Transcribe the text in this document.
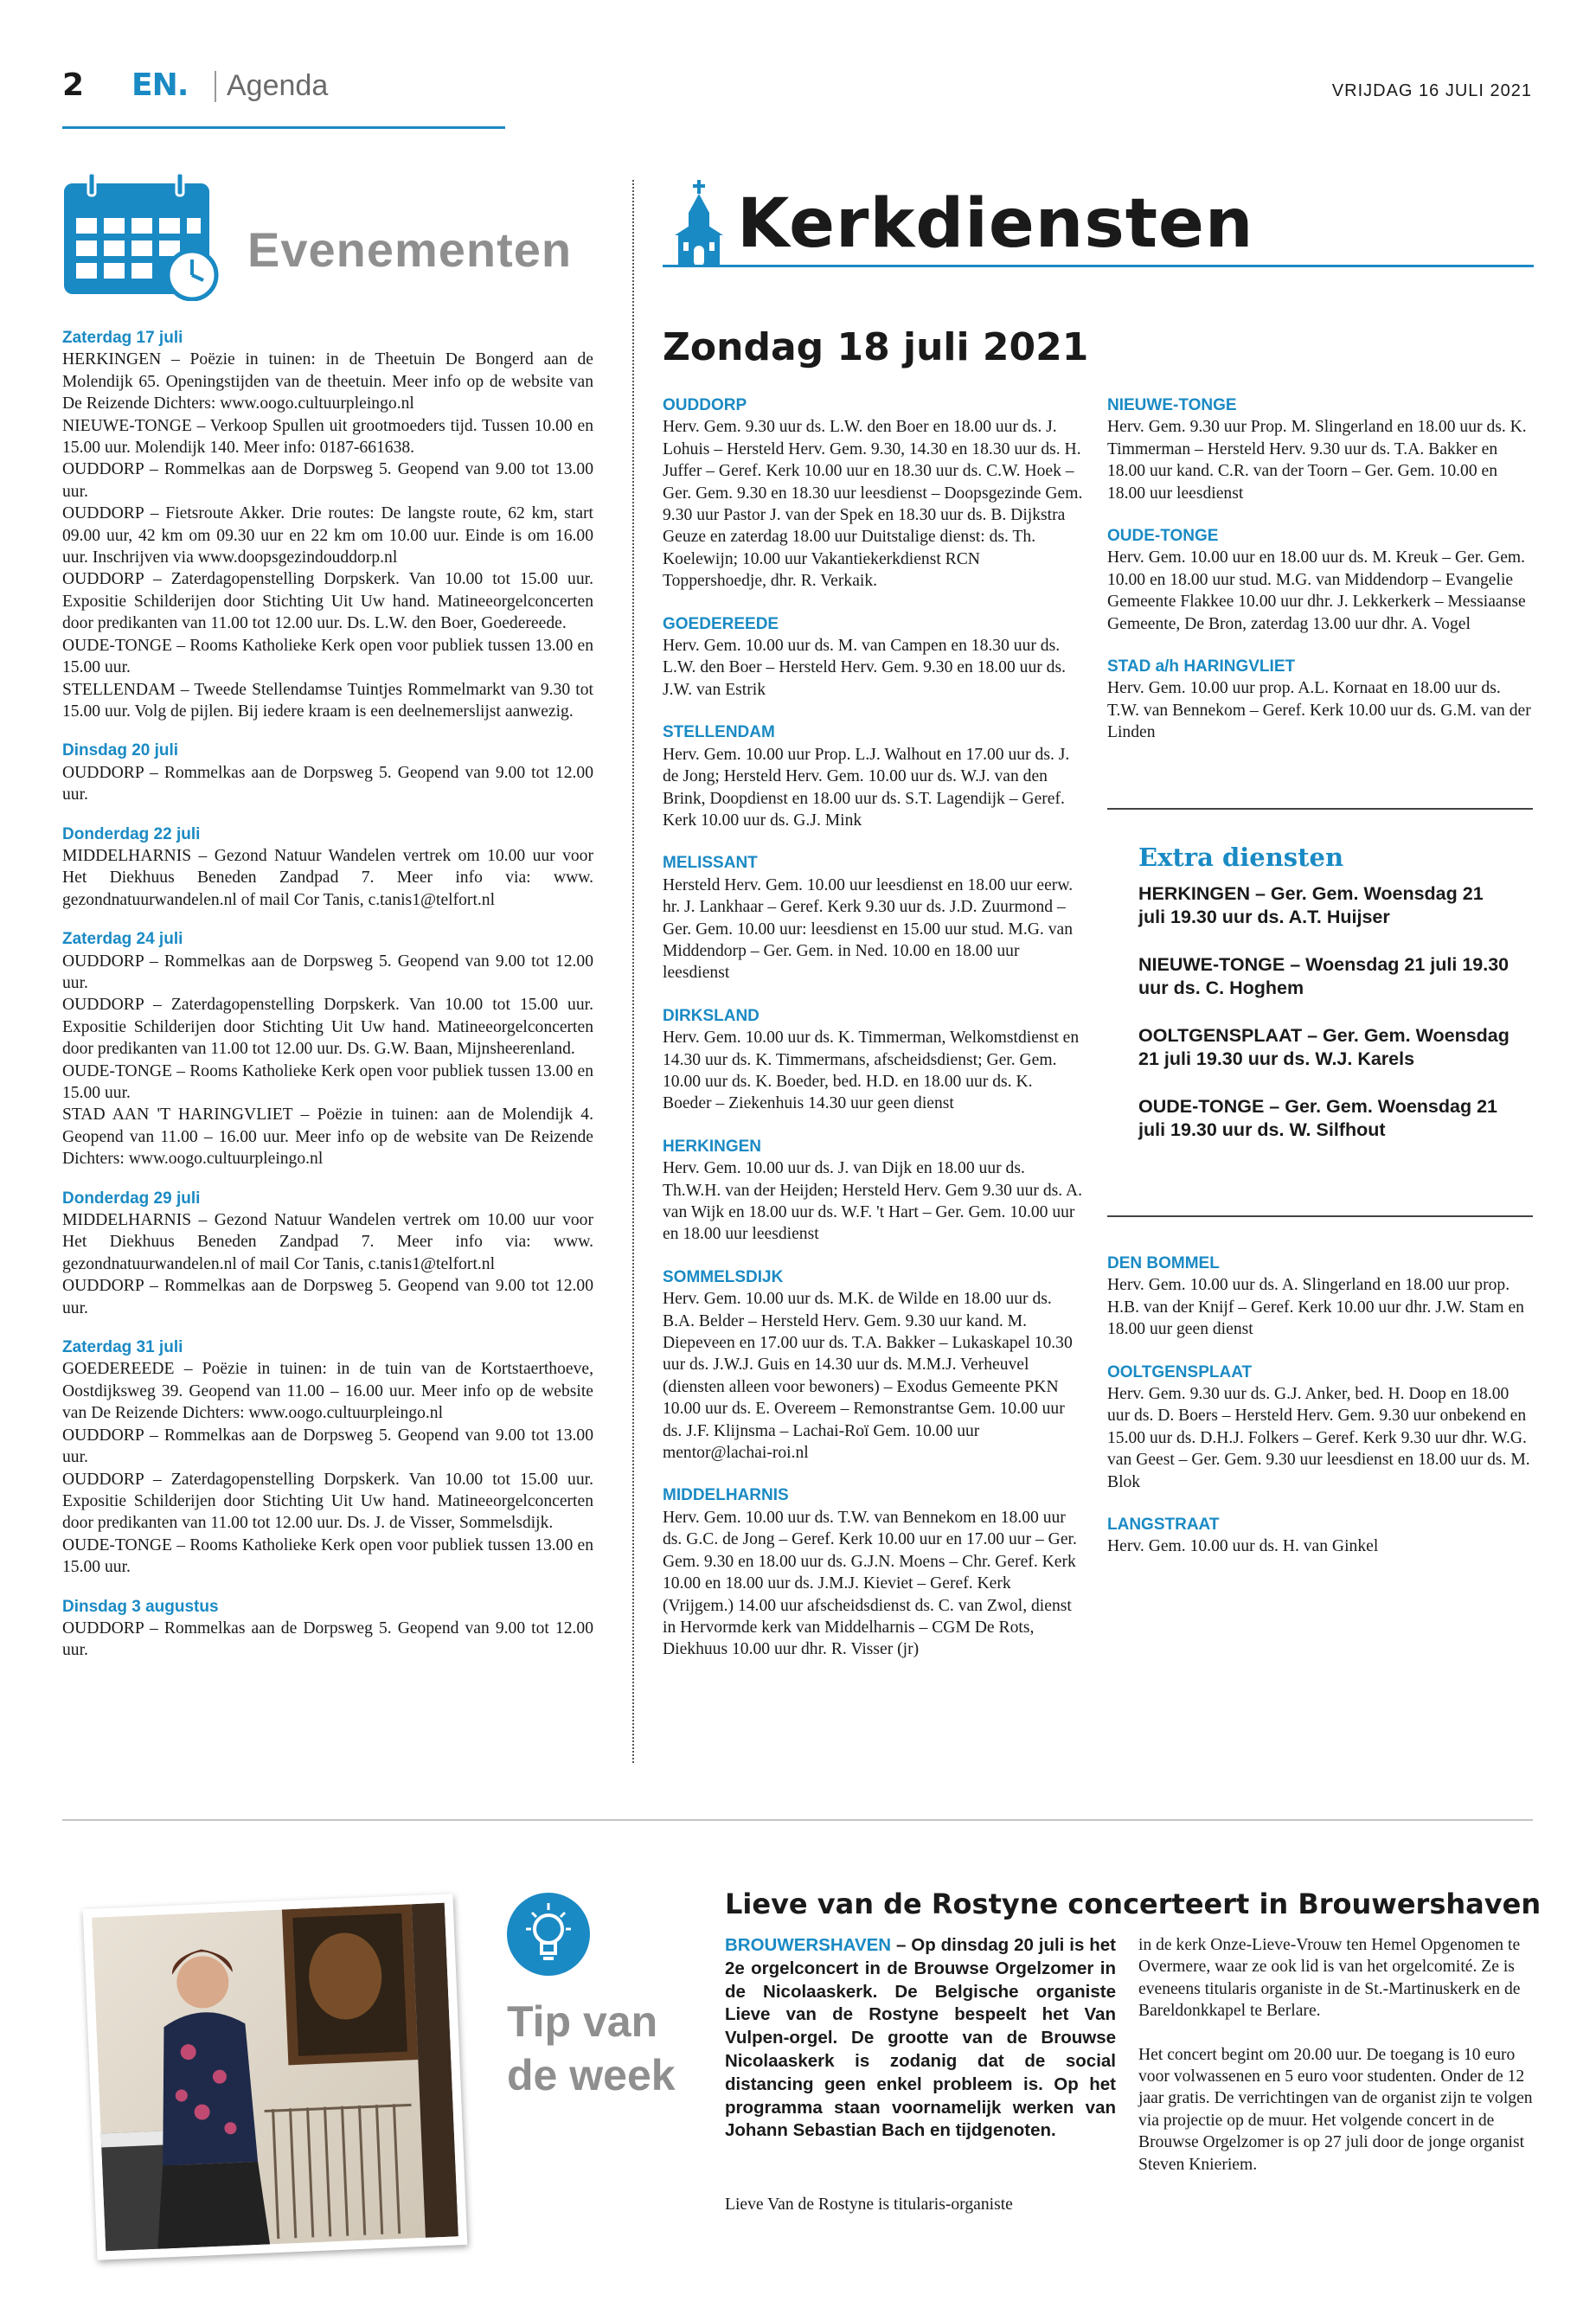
2 EN. Agenda	VRIJDAG 16 JULI 2021
Evenementen
Zaterdag 17 juli
HERKINGEN – Poëzie in tuinen: in de Theetuin De Bongerd aan de Molendijk 65. Openingstijden van de theetuin. Meer info op de website van De Reizende Dichters: www.oogo.cultuurpleingo.nl
NIEUWE-TONGE – Verkoop Spullen uit grootmoeders tijd. Tussen 10.00 en 15.00 uur. Molendijk 140. Meer info: 0187-661638.
OUDDORP – Rommelkas aan de Dorpsweg 5. Geopend van 9.00 tot 13.00 uur.
OUDDORP – Fietsroute Akker. Drie routes: De langste route, 62 km, start 09.00 uur, 42 km om 09.30 uur en 22 km om 10.00 uur. Einde is om 16.00 uur. Inschrijven via www.doopsgezindouddorp.nl
OUDDORP – Zaterdagopenstelling Dorpskerk. Van 10.00 tot 15.00 uur. Expositie Schilderijen door Stichting Uit Uw hand. Matineeorgelconcerten door predikanten van 11.00 tot 12.00 uur. Ds. L.W. den Boer, Goedereede.
OUDE-TONGE – Rooms Katholieke Kerk open voor publiek tussen 13.00 en 15.00 uur.
STELLENDAM – Tweede Stellendamse Tuintjes Rommelmarkt van 9.30 tot 15.00 uur. Volg de pijlen. Bij iedere kraam is een deelnemerslijst aanwezig.
Dinsdag 20 juli
OUDDORP – Rommelkas aan de Dorpsweg 5. Geopend van 9.00 tot 12.00 uur.
Donderdag 22 juli
MIDDELHARNIS – Gezond Natuur Wandelen vertrek om 10.00 uur voor Het Diekhuus Beneden Zandpad 7. Meer info via: www. gezondnatuurwandelen.nl of mail Cor Tanis, c.tanis1@telfort.nl
Zaterdag 24 juli
OUDDORP – Rommelkas aan de Dorpsweg 5. Geopend van 9.00 tot 12.00 uur.
OUDDORP – Zaterdagopenstelling Dorpskerk. Van 10.00 tot 15.00 uur. Expositie Schilderijen door Stichting Uit Uw hand. Matineeorgelconcerten door predikanten van 11.00 tot 12.00 uur. Ds. G.W. Baan, Mijnsheerenland.
OUDE-TONGE – Rooms Katholieke Kerk open voor publiek tussen 13.00 en 15.00 uur.
STAD AAN 'T HARINGVLIET – Poëzie in tuinen: aan de Molendijk 4. Geopend van 11.00 – 16.00 uur. Meer info op de website van De Reizende Dichters: www.oogo.cultuurpleingo.nl
Donderdag 29 juli
MIDDELHARNIS – Gezond Natuur Wandelen vertrek om 10.00 uur voor Het Diekhuus Beneden Zandpad 7. Meer info via: www. gezondnatuurwandelen.nl of mail Cor Tanis, c.tanis1@telfort.nl
OUDDORP – Rommelkas aan de Dorpsweg 5. Geopend van 9.00 tot 12.00 uur.
Zaterdag 31 juli
GOEDEREEDE – Poëzie in tuinen: in de tuin van de Kortstaerthoeve, Oostdijksweg 39. Geopend van 11.00 – 16.00 uur. Meer info op de website van De Reizende Dichters: www.oogo.cultuurpleingo.nl
OUDDORP – Rommelkas aan de Dorpsweg 5. Geopend van 9.00 tot 13.00 uur.
OUDDORP – Zaterdagopenstelling Dorpskerk. Van 10.00 tot 15.00 uur. Expositie Schilderijen door Stichting Uit Uw hand. Matineeorgelconcerten door predikanten van 11.00 tot 12.00 uur. Ds. J. de Visser, Sommelsdijk.
OUDE-TONGE – Rooms Katholieke Kerk open voor publiek tussen 13.00 en 15.00 uur.
Dinsdag 3 augustus
OUDDORP – Rommelkas aan de Dorpsweg 5. Geopend van 9.00 tot 12.00 uur.
Kerkdiensten
Zondag 18 juli 2021
OUDDORP
Herv. Gem. 9.30 uur ds. L.W. den Boer en 18.00 uur ds. J. Lohuis – Hersteld Herv. Gem. 9.30, 14.30 en 18.30 uur ds. H. Juffer – Geref. Kerk 10.00 uur en 18.30 uur ds. C.W. Hoek – Ger. Gem. 9.30 en 18.30 uur leesdienst – Doopsgezinde Gem. 9.30 uur Pastor J. van der Spek en 18.30 uur ds. B. Dijkstra Geuze en zaterdag 18.00 uur Duitstalige dienst: ds. Th. Koelewijn; 10.00 uur Vakantiekerkdienst RCN Toppershoedje, dhr. R. Verkaik.
GOEDEREEDE
Herv. Gem. 10.00 uur ds. M. van Campen en 18.30 uur ds. L.W. den Boer – Hersteld Herv. Gem. 9.30 en 18.00 uur ds. J.W. van Estrik
STELLENDAM
Herv. Gem. 10.00 uur Prop. L.J. Walhout en 17.00 uur ds. J. de Jong; Hersteld Herv. Gem. 10.00 uur ds. W.J. van den Brink, Doopdienst en 18.00 uur ds. S.T. Lagendijk – Geref. Kerk 10.00 uur ds. G.J. Mink
MELISSANT
Hersteld Herv. Gem. 10.00 uur leesdienst en 18.00 uur eerw. hr. J. Lankhaar – Geref. Kerk 9.30 uur ds. J.D. Zuurmond – Ger. Gem. 10.00 uur: leesdienst en 15.00 uur stud. M.G. van Middendorp – Ger. Gem. in Ned. 10.00 en 18.00 uur leesdienst
DIRKSLAND
Herv. Gem. 10.00 uur ds. K. Timmerman, Welkomstdienst en 14.30 uur ds. K. Timmermans, afscheidsdienst; Ger. Gem. 10.00 uur ds. K. Boeder, bed. H.D. en 18.00 uur ds. K. Boeder – Ziekenhuis 14.30 uur geen dienst
HERKINGEN
Herv. Gem. 10.00 uur ds. J. van Dijk en 18.00 uur ds. Th.W.H. van der Heijden; Hersteld Herv. Gem 9.30 uur ds. A. van Wijk en 18.00 uur ds. W.F. 't Hart – Ger. Gem. 10.00 uur en 18.00 uur leesdienst
SOMMELSDIJK
Herv. Gem. 10.00 uur ds. M.K. de Wilde en 18.00 uur ds. B.A. Belder – Hersteld Herv. Gem. 9.30 uur kand. M. Diepeveen en 17.00 uur ds. T.A. Bakker – Lukaskapel 10.30 uur ds. J.W.J. Guis en 14.30 uur ds. M.M.J. Verheuvel (diensten alleen voor bewoners) – Exodus Gemeente PKN 10.00 uur ds. E. Overeem – Remonstrantse Gem. 10.00 uur ds. J.F. Klijnsma – Lachai-Roï Gem. 10.00 uur mentor@lachai-roi.nl
MIDDELHARNIS
Herv. Gem. 10.00 uur ds. T.W. van Bennekom en 18.00 uur ds. G.C. de Jong – Geref. Kerk 10.00 uur en 17.00 uur – Ger. Gem. 9.30 en 18.00 uur ds. G.J.N. Moens – Chr. Geref. Kerk 10.00 en 18.00 uur ds. J.M.J. Kieviet – Geref. Kerk (Vrijgem.) 14.00 uur afscheidsdienst ds. C. van Zwol, dienst in Hervormde kerk van Middelharnis – CGM De Rots, Diekhuus 10.00 uur dhr. R. Visser (jr)
NIEUWE-TONGE
Herv. Gem. 9.30 uur Prop. M. Slingerland en 18.00 uur ds. K. Timmerman – Hersteld Herv. 9.30 uur ds. T.A. Bakker en 18.00 uur kand. C.R. van der Toorn – Ger. Gem. 10.00 en 18.00 uur leesdienst
OUDE-TONGE
Herv. Gem. 10.00 uur en 18.00 uur ds. M. Kreuk – Ger. Gem. 10.00 en 18.00 uur stud. M.G. van Middendorp – Evangelie Gemeente Flakkee 10.00 uur dhr. J. Lekkerkerk – Messiaanse Gemeente, De Bron, zaterdag 13.00 uur dhr. A. Vogel
STAD a/h HARINGVLIET
Herv. Gem. 10.00 uur prop. A.L. Kornaat en 18.00 uur ds. T.W. van Bennekom – Geref. Kerk 10.00 uur ds. G.M. van der Linden
Extra diensten
HERKINGEN – Ger. Gem. Woensdag 21 juli 19.30 uur ds. A.T. Huijser
NIEUWE-TONGE – Woensdag 21 juli 19.30 uur ds. C. Hoghem
OOLTGENSPLAAT – Ger. Gem. Woensdag 21 juli 19.30 uur ds. W.J. Karels
OUDE-TONGE – Ger. Gem. Woensdag 21 juli 19.30 uur ds. W. Silfhout
DEN BOMMEL
Herv. Gem. 10.00 uur ds. A. Slingerland en 18.00 uur prop. H.B. van der Knijf – Geref. Kerk 10.00 uur dhr. J.W. Stam en 18.00 uur geen dienst
OOLTGENSPLAAT
Herv. Gem. 9.30 uur ds. G.J. Anker, bed. H. Doop en 18.00 uur ds. D. Boers – Hersteld Herv. Gem. 9.30 uur onbekend en 15.00 uur ds. D.H.J. Folkers – Geref. Kerk 9.30 uur dhr. W.G. van Geest – Ger. Gem. 9.30 uur leesdienst en 18.00 uur ds. M. Blok
LANGSTRAAT
Herv. Gem. 10.00 uur ds. H. van Ginkel
Tip van de week
Lieve van de Rostyne concerteert in Brouwershaven
BROUWERSHAVEN – Op dinsdag 20 juli is het 2e orgelconcert in de Brouwse Orgelzomer in de Nicolaaskerk. De Belgische organiste Lieve van de Rostyne bespeelt het Van Vulpen-orgel. De grootte van de Brouwse Nicolaaskerk is zodanig dat de social distancing geen enkel probleem is. Op het programma staan voornamelijk werken van Johann Sebastian Bach en tijdgenoten.
Lieve Van de Rostyne is titularis-organiste

in de kerk Onze-Lieve-Vrouw ten Hemel Opgenomen te Overmere, waar ze ook lid is van het orgelcomité. Ze is eveneens titularis organiste in de St.-Martinuskerk en de Bareldonkkapel te Berlare.

Het concert begint om 20.00 uur. De toegang is 10 euro voor volwassenen en 5 euro voor studenten. Onder de 12 jaar gratis. De verrichtingen van de organist zijn te volgen via projectie op de muur. Het volgende concert in de Brouwse Orgelzomer is op 27 juli door de jonge organist Steven Knieriem.
